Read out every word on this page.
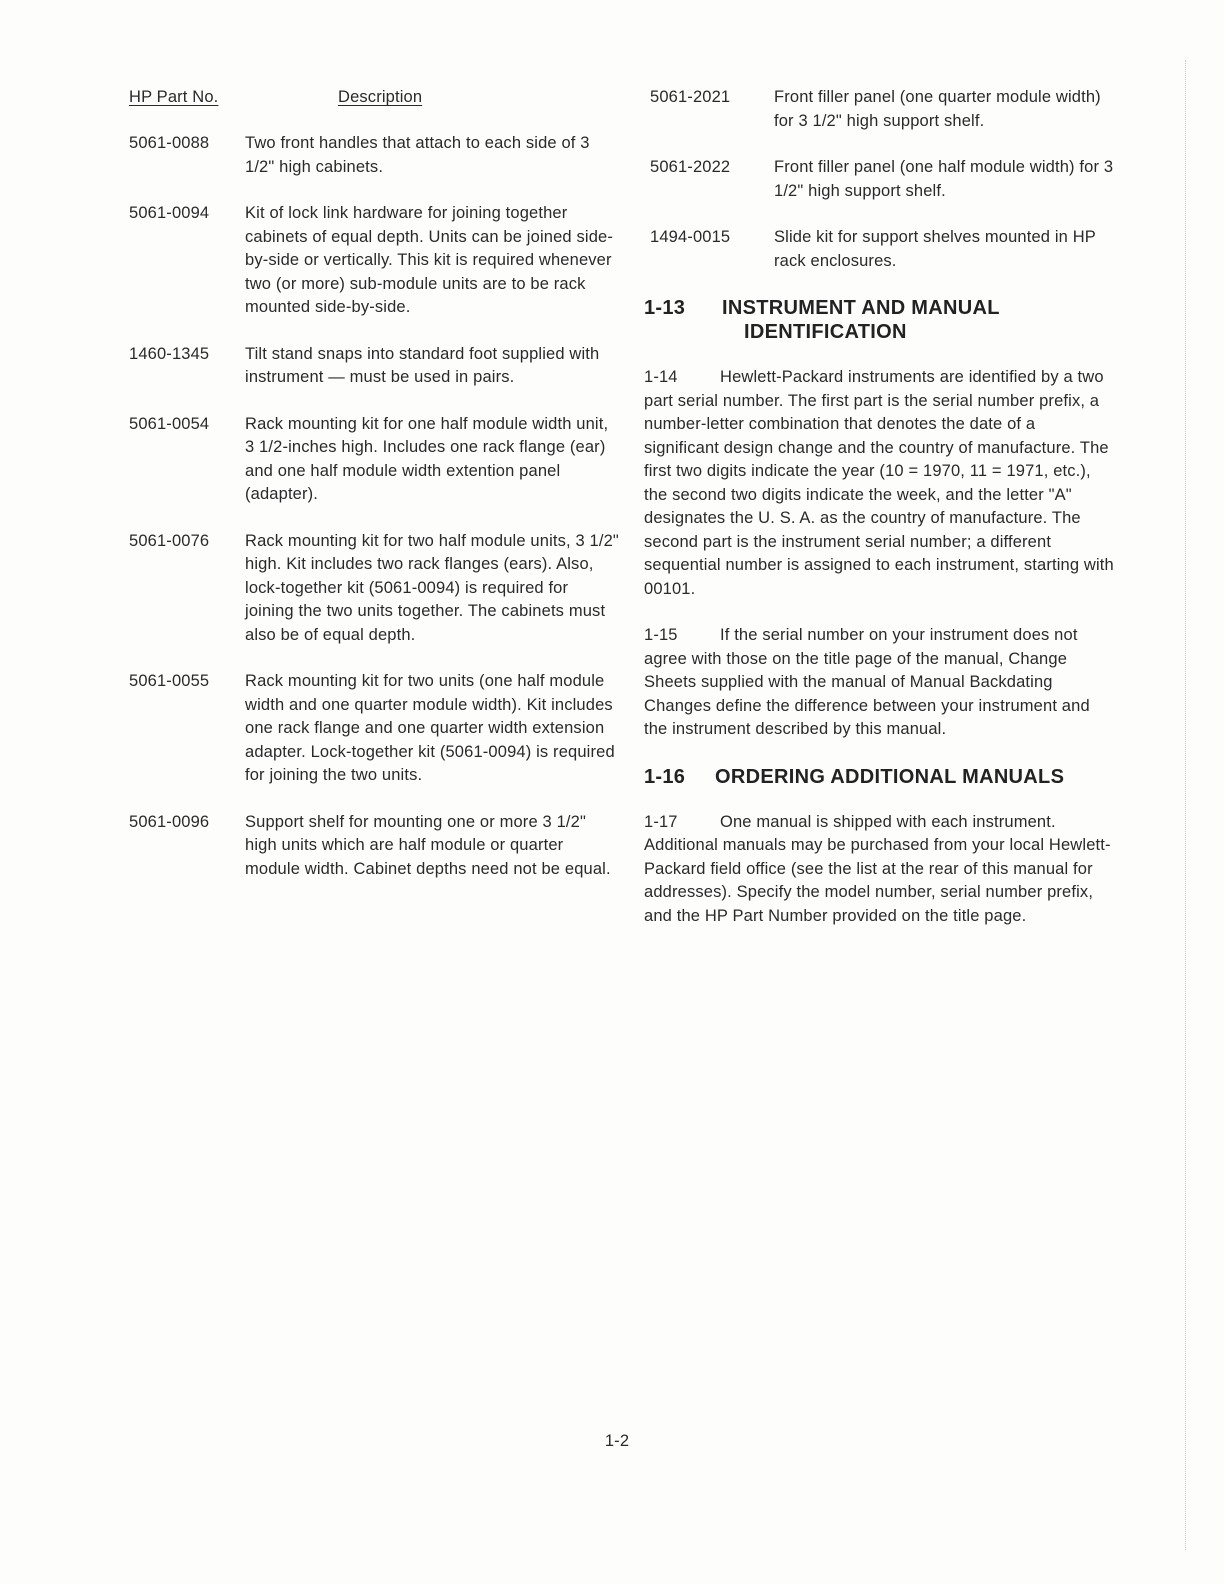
HP Part No.	Description
5061-0088	Two front handles that attach to each side of 3 1/2" high cabinets.
5061-0094	Kit of lock link hardware for joining together cabinets of equal depth. Units can be joined side-by-side or vertically. This kit is required whenever two (or more) sub-module units are to be rack mounted side-by-side.
1460-1345	Tilt stand snaps into standard foot supplied with instrument — must be used in pairs.
5061-0054	Rack mounting kit for one half module width unit, 3 1/2-inches high. Includes one rack flange (ear) and one half module width extention panel (adapter).
5061-0076	Rack mounting kit for two half module units, 3 1/2" high. Kit includes two rack flanges (ears). Also, lock-together kit (5061-0094) is required for joining the two units together. The cabinets must also be of equal depth.
5061-0055	Rack mounting kit for two units (one half module width and one quarter module width). Kit includes one rack flange and one quarter width extension adapter. Lock-together kit (5061-0094) is required for joining the two units.
5061-0096	Support shelf for mounting one or more 3 1/2" high units which are half module or quarter module width. Cabinet depths need not be equal.
5061-2021	Front filler panel (one quarter module width) for 3 1/2" high support shelf.
5061-2022	Front filler panel (one half module width) for 3 1/2" high support shelf.
1494-0015	Slide kit for support shelves mounted in HP rack enclosures.
1-13	INSTRUMENT AND MANUAL
IDENTIFICATION

1-14	Hewlett-Packard instruments are identified by a two part serial number. The first part is the serial number prefix, a number-letter combination that denotes the date of a significant design change and the country of manufacture. The first two digits indicate the year (10 = 1970, 11 = 1971, etc.), the second two digits indicate the week, and the letter "A" designates the U. S. A. as the country of manufacture. The second part is the instrument serial number; a different sequential number is assigned to each instrument, starting with 00101.

1-15	If the serial number on your instrument does not agree with those on the title page of the manual, Change Sheets supplied with the manual of Manual Backdating Changes define the difference between your instrument and the instrument described by this manual.

1-16	ORDERING ADDITIONAL MANUALS

1-17	One manual is shipped with each instrument. Additional manuals may be purchased from your local Hewlett-Packard field office (see the list at the rear of this manual for addresses). Specify the model number, serial number prefix, and the HP Part Number provided on the title page.

1-2
